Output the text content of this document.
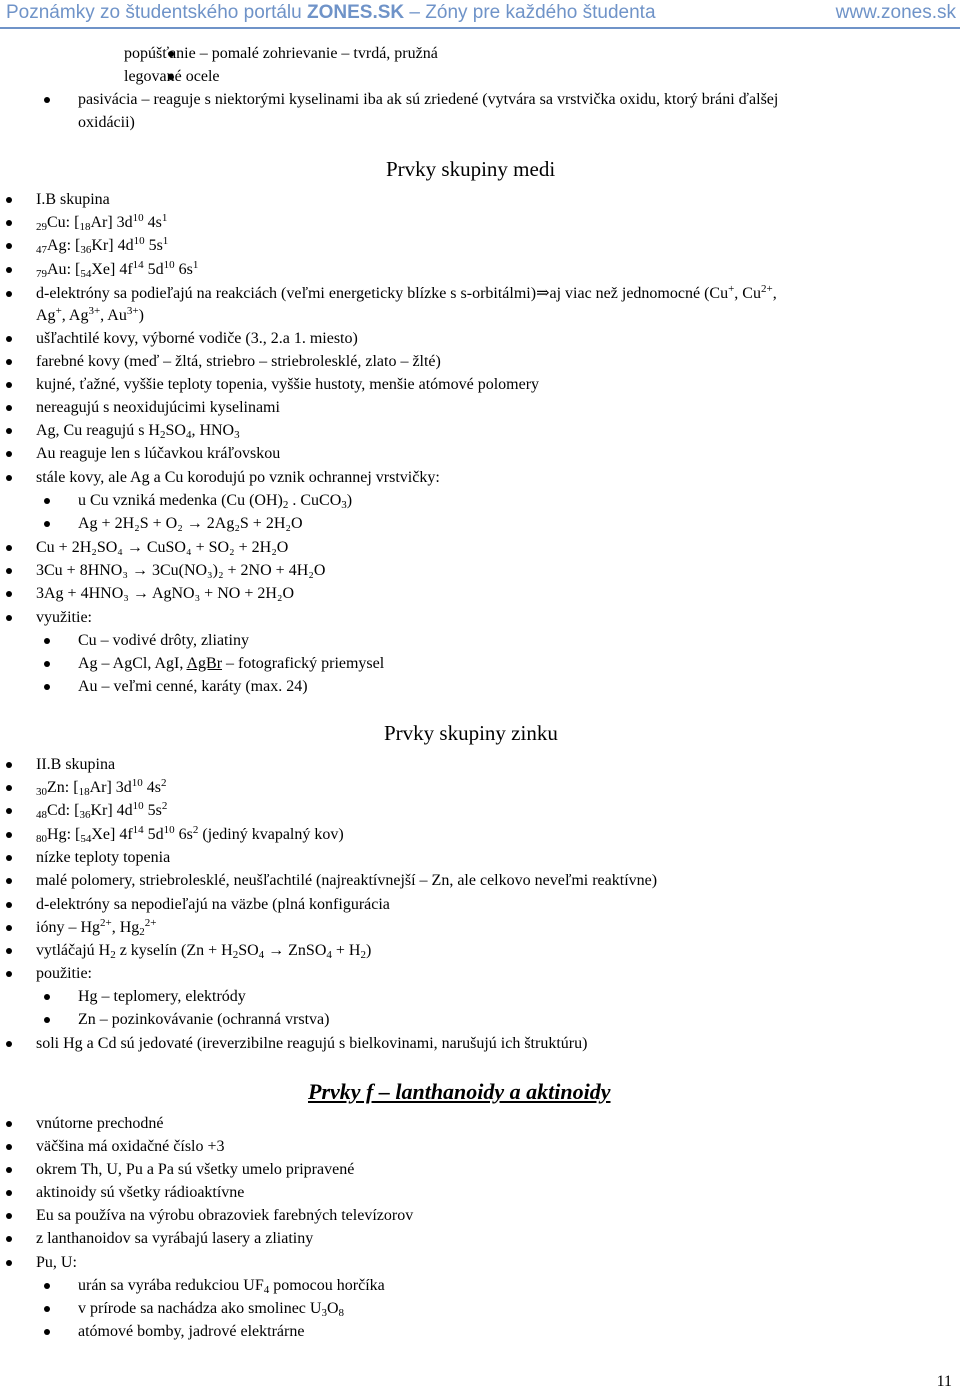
Poznámky zo študentského portálu ZONES.SK – Zóny pre každého študenta	www.zones.sk
popúšťanie – pomalé zohrievanie – tvrdá, pružná
legované ocele
pasivácia – reaguje s niektorými kyselinami iba ak sú zriedené (vytvára sa vrstvička oxidu, ktorý bráni ďalšej
oxidácii)
Prvky skupiny medi
I.B skupina
$_{29}$Cu: $[_{18}Ar]$ $3d^{10}$ $4s^1$
$_{47}$Ag: $[_{36}Kr]$ $4d^{10}$ $5s^1$
$_{79}$Au: $[_{54}Xe]$ $4f^{14}$ $5d^{10}$ $6s^1$
d-elektróny sa podieľajú na reakciách (veľmi energeticky blízke s s-orbitálmi)⇒aj viac než jednomocné (Cu+, $Cu^{2+}$,
Ag+, $Ag^{3+}$, $Au^{3+}$)
ušľachtilé kovy, výborné vodiče (3., 2.a 1. miesto)
farebné kovy (meď – žltá, striebro – striebrolesklé, zlato – žlté)
kujné, ťažné, vyššie teploty topenia, vyššie hustoty, menšie atómové polomery
nereagujú s neoxidujúcimi kyselinami
Ag, Cu reagujú s $H_2SO_4$, $HNO_3$
Au reaguje len s lúčavkou kráľovskou
stále kovy, ale Ag a Cu korodujú po vznik ochrannej vrstvičky:
u Cu vzniká medenka (Cu $(OH)_2$ . CuCO$_3$)
Ag + 2H₂S + O₂ → 2Ag₂S + 2H₂O
Cu + 2H₂SO₄ → CuSO₄ + SO₂ + 2H₂O
3Cu + 8HNO₃ → 3Cu(NO₃)₂ + 2NO + 4H₂O
3Ag + 4HNO₃ → AgNO₃ + NO + 2H₂O
využitie:
Cu – vodivé drôty, zliatiny
Ag – AgCl, AgI, AgBr – fotografický priemysel
Au – veľmi cenné, karáty (max. 24)
Prvky skupiny zinku
II.B skupina
$_{30}$Zn: $[_{18}Ar]$ $3d^{10}$ $4s^2$
$_{48}$Cd: $[_{36}Kr]$ $4d^{10}$ $5s^2$
$_{80}$Hg: $[_{54}Xe]$ $4f^{14}$ $5d^{10}$ $6s^2$ (jediný kvapalný kov)
nízke teploty topenia
malé polomery, striebrolesklé, neušľachtilé (najreaktívnejší – Zn, ale celkovo neveľmi reaktívne)
d-elektróny sa nepodieľajú na väzbe (plná konfigurácia
ióny – $Hg^{2+}$, $Hg_2^{2+}$
vytláčajú $H_2$ z kyselín ($Zn + H_2SO_4$ → ZnSO$_4$ + $H_2$)
použitie:
Hg – teplomery, elektródy
Zn – pozinkovávanie (ochranná vrstva)
soli Hg a Cd sú jedovaté (ireverzibilne reagujú s bielkovinami, narušujú ich štruktúru)
Prvky f – lanthanoidy a aktinoidy
vnútorne prechodné
väčšina má oxidačné číslo +3
okrem Th, U, Pu a Pa sú všetky umelo pripravené
aktinoidy sú všetky rádioaktívne
Eu sa používa na výrobu obrazoviek farebných televízorov
z lanthanoidov sa vyrábajú lasery a zliatiny
Pu, U:
urán sa vyrába redukciou $UF_4$ pomocou horčíka
v prírode sa nachádza ako smolinec $U_3O_8$
atómové bomby, jadrové elektrárne
11
